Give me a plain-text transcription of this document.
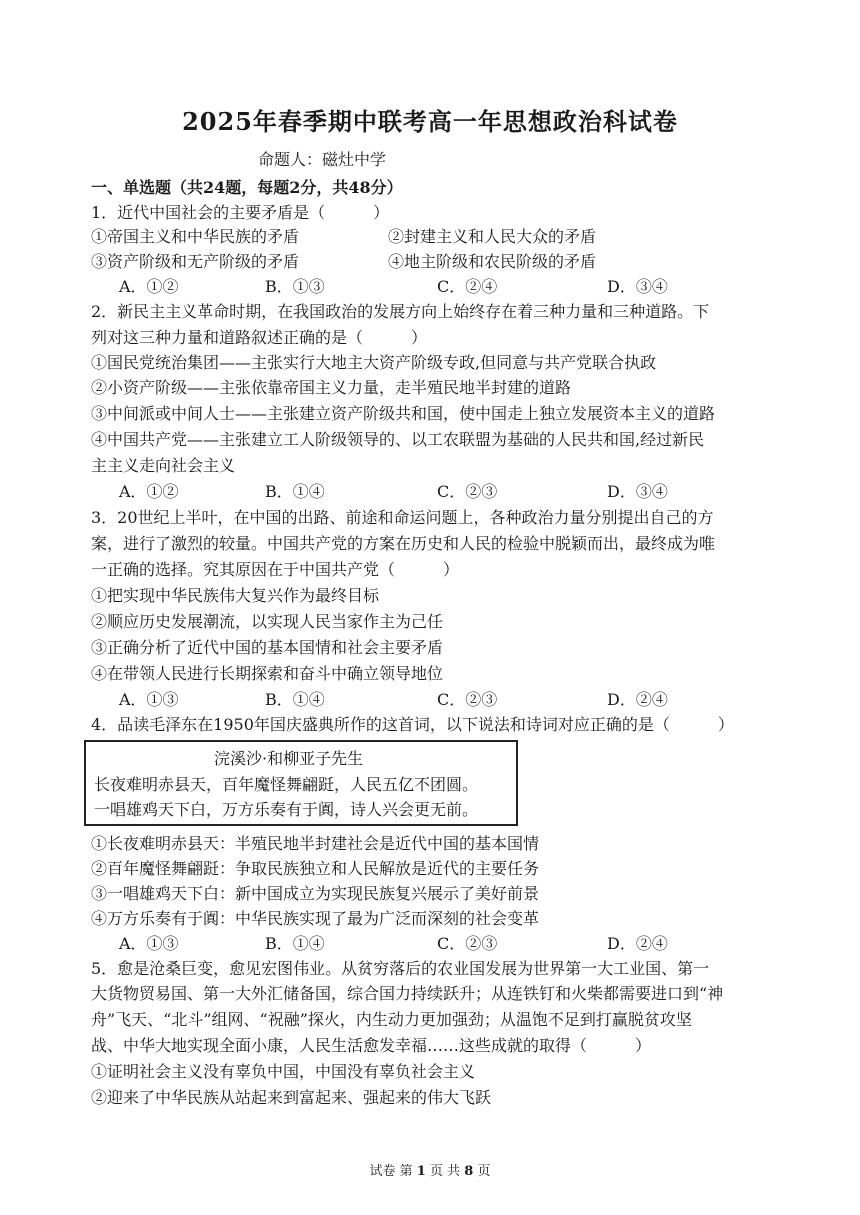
2025年春季期中联考高一年思想政治科试卷
命题人：磁灶中学
一、单选题（共24题，每题2分，共48分）
1．近代中国社会的主要矛盾是（　　　）
①帝国主义和中华民族的矛盾	②封建主义和人民大众的矛盾
③资产阶级和无产阶级的矛盾	④地主阶级和农民阶级的矛盾
A．①②	B．①③	C．②④	D．③④
2．新民主主义革命时期，在我国政治的发展方向上始终存在着三种力量和三种道路。下
列对这三种力量和道路叙述正确的是（　　　）
①国民党统治集团——主张实行大地主大资产阶级专政,但同意与共产党联合执政
②小资产阶级——主张依靠帝国主义力量，走半殖民地半封建的道路
③中间派或中间人士——主张建立资产阶级共和国，使中国走上独立发展资本主义的道路
④中国共产党——主张建立工人阶级领导的、以工农联盟为基础的人民共和国,经过新民
主主义走向社会主义
A．①②	B．①④	C．②③	D．③④
3．20世纪上半叶，在中国的出路、前途和命运问题上，各种政治力量分别提出自己的方
案，进行了激烈的较量。中国共产党的方案在历史和人民的检验中脱颖而出，最终成为唯
一正确的选择。究其原因在于中国共产党（　　　）
①把实现中华民族伟大复兴作为最终目标
②顺应历史发展潮流，以实现人民当家作主为己任
③正确分析了近代中国的基本国情和社会主要矛盾
④在带领人民进行长期探索和奋斗中确立领导地位
A．①③	B．①④	C．②③	D．②④
4．品读毛泽东在1950年国庆盛典所作的这首词，以下说法和诗词对应正确的是（　　　）
浣溪沙·和柳亚子先生
长夜难明赤县天，百年魔怪舞翩跹，人民五亿不团圆。
一唱雄鸡天下白，万方乐奏有于阗，诗人兴会更无前。
①长夜难明赤县天：半殖民地半封建社会是近代中国的基本国情
②百年魔怪舞翩跹：争取民族独立和人民解放是近代的主要任务
③一唱雄鸡天下白：新中国成立为实现民族复兴展示了美好前景
④万方乐奏有于阗：中华民族实现了最为广泛而深刻的社会变革
A．①③	B．①④	C．②③	D．②④
5．愈是沧桑巨变，愈见宏图伟业。从贫穷落后的农业国发展为世界第一大工业国、第一
大货物贸易国、第一大外汇储备国，综合国力持续跃升；从连铁钉和火柴都需要进口到“神
舟”飞天、“北斗”组网、“祝融”探火，内生动力更加强劲；从温饱不足到打赢脱贫攻坚
战、中华大地实现全面小康，人民生活愈发幸福……这些成就的取得（　　　）
①证明社会主义没有辜负中国，中国没有辜负社会主义
②迎来了中华民族从站起来到富起来、强起来的伟大飞跃
试卷 第 1 页 共 8 页
